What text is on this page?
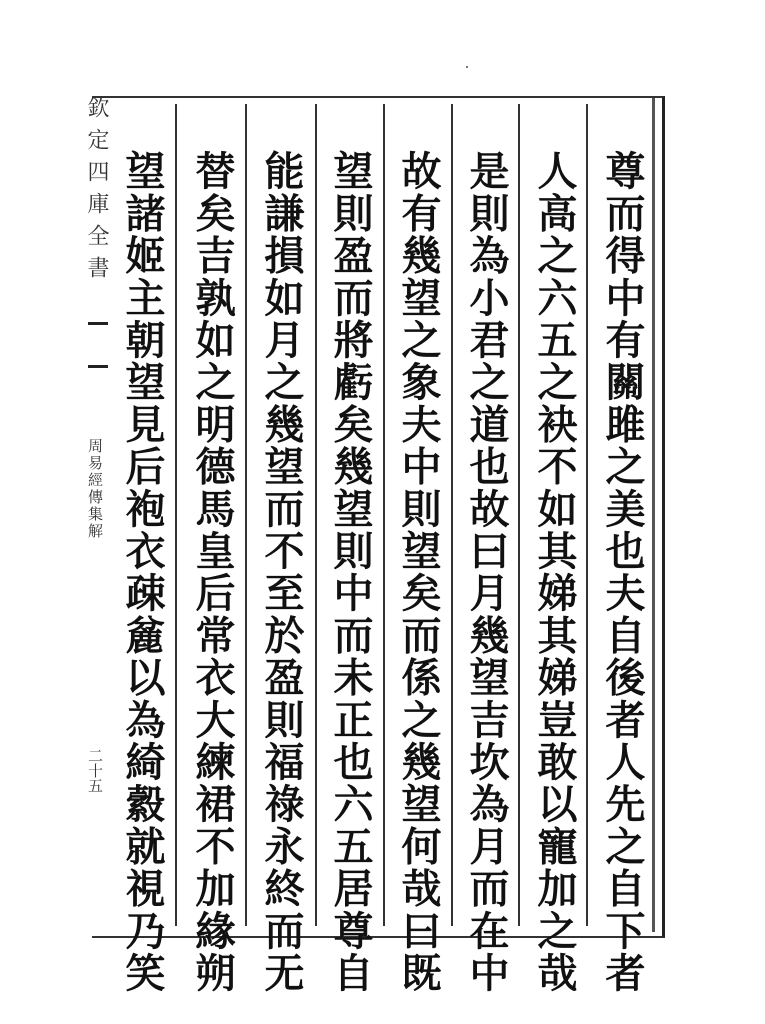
欽定四庫全書
周易經傳集解
二十五	尊而得中有關雎之美也夫自後者人先之自下者
人高之六五之袂不如其娣其娣豈敢以寵加之哉
是則為小君之道也故曰月幾望吉坎為月而在中
故有幾望之象夫中則望矣而係之幾望何哉曰既
望則盈而將虧矣幾望則中而未正也六五居尊自
能謙損如月之幾望而不至於盈則福祿永終而无
替矣吉孰如之明德馬皇后常衣大練裙不加緣朔
望諸姬主朝望見后袍衣疎麄以為綺縠就視乃笑
